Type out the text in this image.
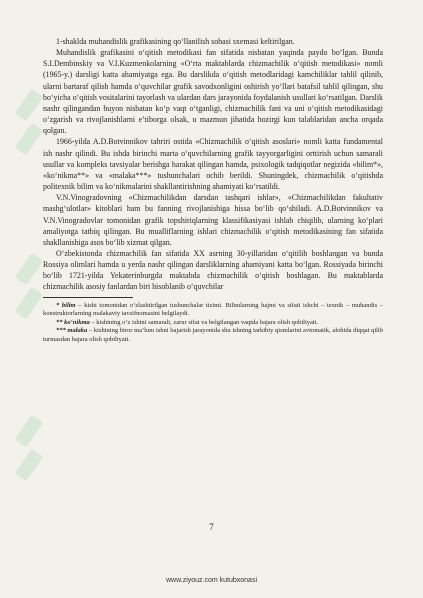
1-shaklda muhandislik grafikasining qo‘llanilish sohasi sxemasi keltirilgan.

Muhandislik grafikasini o‘qitish metodikasi fan sifatida nisbatan yaqinda paydo bo‘lgan. Bunda S.I.Dembinskiy va V.I.Kuzmenkolarning «O‘rta maktablarda chizmachilik o‘qitish metodikasi» nomli (1965-y.) darsligi katta ahamiyatga ega. Bu darslikda o‘qitish metodlaridagi kamchiliklar tahlil qilinib, ularni bartaraf qilish hamda o‘quvchilar grafik savodxonligini oshirish yo‘llari batafsil tahlil qilingan, shu bo‘yicha o‘qitish vositalarini tayorlash va ulardan dars jarayonida foydalanish usullari ko‘rsatilgan. Darslik nashr qilingandan buyon nisbatan ko‘p vaqt o‘tganligi, chizmachilik fani va uni o‘qitish metodikasidagi o‘zgarish va rivojlanishlarni e’tiborga olsak, u mazmun jihatida hozirgi kun talablaridan ancha orqada qolgan.

1966-yilda A.D.Botvinnikov tahriri ostida «Chizmachilik o‘qitish asoslari» nomli katta fundamental ish nashr qilindi. Bu ishda birinchi marta o‘quvchilarning grafik tayyorgarligini orttirish uchun samarali usullar va kompleks tavsiyalar berishga harakat qilingan hamda, psixologik tadqiqotlar negizida «bilim*», «ko‘nikma**» va «malaka***» tushunchalari ochib berildi. Shuningdek, chizmachilik o‘qitishda politexnik bilim va ko‘nikmalarini shakllantirishning ahamiyati ko‘rsatildi.

V.N.Vinogradovning «Chizmachilikdan darsdan tashqari ishlar», «Chizmachilikdan fakultativ mashg‘ulotlar» kitoblari ham bu fanning rivojlanishiga hissa bo‘lib qo‘shiladi. A.D.Botvinnikov va V.N.Vinogradovlar tomonidan grafik topshiriqlarning klassifikasiyasi ishlab chiqilib, ularning ko‘plari amaliyotga tatbiq qilingan. Bu mualliflarning ishlari chizmachilik o‘qitish metodikasining fan sifatida shakllanishiga asos bo‘lib xizmat qilgan.

O‘zbekistonda chizmachilik fan sifatida XX asrning 30-yillaridan o‘qitilib boshlangan va bunda Rossiya olimlari hamda u yerda nashr qilingan darsliklarning ahamiyani katta bo‘lgan. Rossiyada birinchi bo‘lib 1721-yilda Yekaterinburgda maktabda chizmachilik o‘qitish boshlagan. Bu maktablarda chizmachilik asosiy fanlardan biri hisoblanib o‘quvchilar

* bilim – kishi tomonidan o‘zlashtirilgan tushunchalar tizimi. Bilimlarning hajmi va sifati ishchi – texnik – muhandis – konstruktorlarning malakaviy tavsifnomasini belgilaydi.

** ko‘nikma – kishining o‘z ishini samarali, zarur sifat va belgilangan vaqtda bajara olish qobiliyati.

*** malaka – kishining biror ma’lum ishni bajarish jarayonida shu ishning tarkibiy qismlarini avtomatik, alohida diqqat qilib turmasdan bajara olish qobiliyati.

7
www.ziyouz.com kutubxonasi
